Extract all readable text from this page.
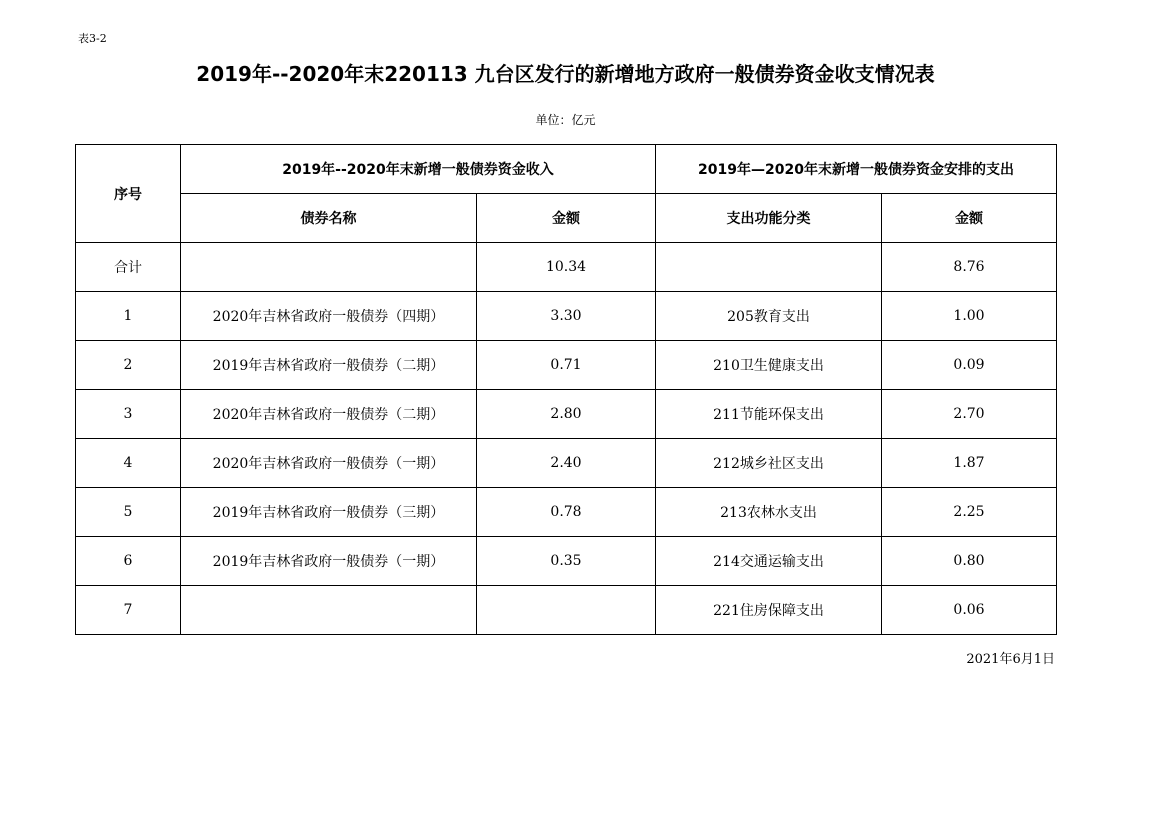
表3-2
2019年--2020年末220113 九台区发行的新增地方政府一般债券资金收支情况表
单位：亿元
序号	2019年--2020年末新增一般债券资金收入		2019年—2020年末新增一般债券资金安排的支出	
	债券名称	金额	支出功能分类	金额
合计		10.34		8.76
1	2020年吉林省政府一般债券（四期）	3.30	205教育支出	1.00
2	2019年吉林省政府一般债券（二期）	0.71	210卫生健康支出	0.09
3	2020年吉林省政府一般债券（二期）	2.80	211节能环保支出	2.70
4	2020年吉林省政府一般债券（一期）	2.40	212城乡社区支出	1.87
5	2019年吉林省政府一般债券（三期）	0.78	213农林水支出	2.25
6	2019年吉林省政府一般债券（一期）	0.35	214交通运输支出	0.80
7			221住房保障支出	0.06
2021年6月1日
